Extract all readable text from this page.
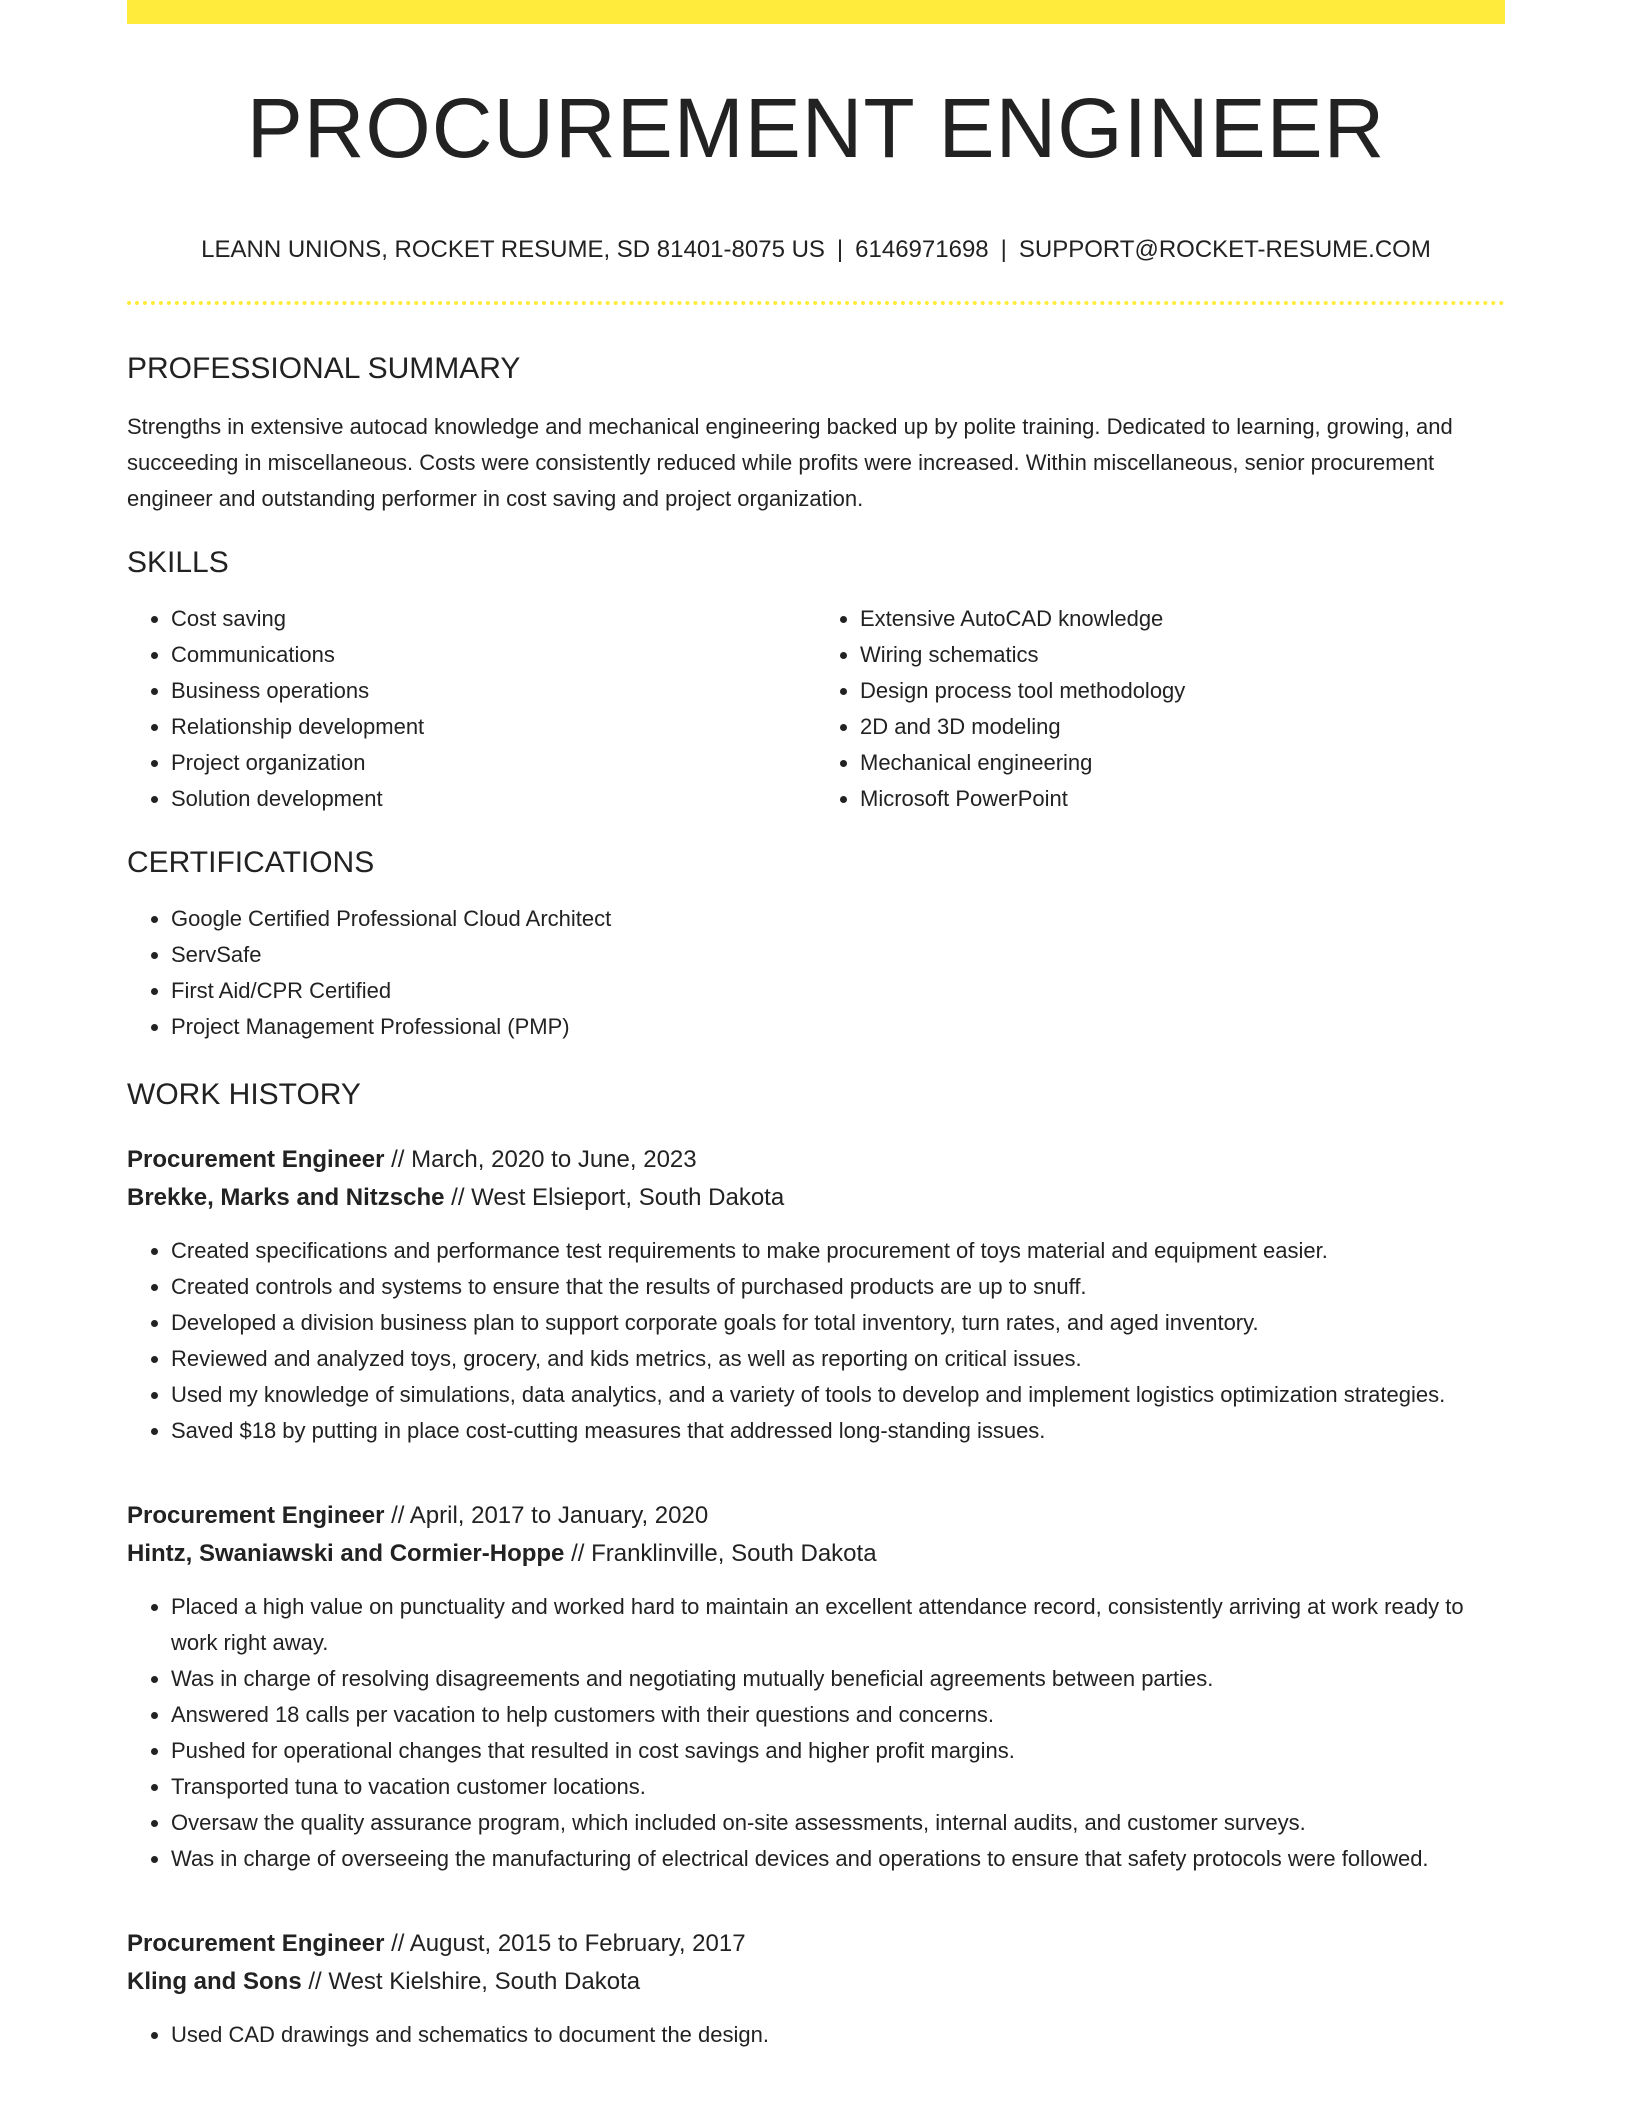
PROCUREMENT ENGINEER
LEANN UNIONS, ROCKET RESUME, SD 81401-8075 US | 6146971698 | SUPPORT@ROCKET-RESUME.COM
PROFESSIONAL SUMMARY

Strengths in extensive autocad knowledge and mechanical engineering backed up by polite training. Dedicated to learning, growing, and succeeding in miscellaneous. Costs were consistently reduced while profits were increased. Within miscellaneous, senior procurement engineer and outstanding performer in cost saving and project organization.

SKILLS
• Cost saving
• Communications
• Business operations
• Relationship development
• Project organization
• Solution development
• Extensive AutoCAD knowledge
• Wiring schematics
• Design process tool methodology
• 2D and 3D modeling
• Mechanical engineering
• Microsoft PowerPoint
CERTIFICATIONS
• Google Certified Professional Cloud Architect
• ServSafe
• First Aid/CPR Certified
• Project Management Professional (PMP)
WORK HISTORY
Procurement Engineer // March, 2020 to June, 2023
Brekke, Marks and Nitzsche // West Elsieport, South Dakota
• Created specifications and performance test requirements to make procurement of toys material and equipment easier.
• Created controls and systems to ensure that the results of purchased products are up to snuff.
• Developed a division business plan to support corporate goals for total inventory, turn rates, and aged inventory.
• Reviewed and analyzed toys, grocery, and kids metrics, as well as reporting on critical issues.
• Used my knowledge of simulations, data analytics, and a variety of tools to develop and implement logistics optimization strategies.
• Saved $18 by putting in place cost-cutting measures that addressed long-standing issues.
Procurement Engineer // April, 2017 to January, 2020
Hintz, Swaniawski and Cormier-Hoppe // Franklinville, South Dakota
• Placed a high value on punctuality and worked hard to maintain an excellent attendance record, consistently arriving at work ready to work right away.
• Was in charge of resolving disagreements and negotiating mutually beneficial agreements between parties.
• Answered 18 calls per vacation to help customers with their questions and concerns.
• Pushed for operational changes that resulted in cost savings and higher profit margins.
• Transported tuna to vacation customer locations.
• Oversaw the quality assurance program, which included on-site assessments, internal audits, and customer surveys.
• Was in charge of overseeing the manufacturing of electrical devices and operations to ensure that safety protocols were followed.
Procurement Engineer // August, 2015 to February, 2017
Kling and Sons // West Kielshire, South Dakota
• Used CAD drawings and schematics to document the design.
